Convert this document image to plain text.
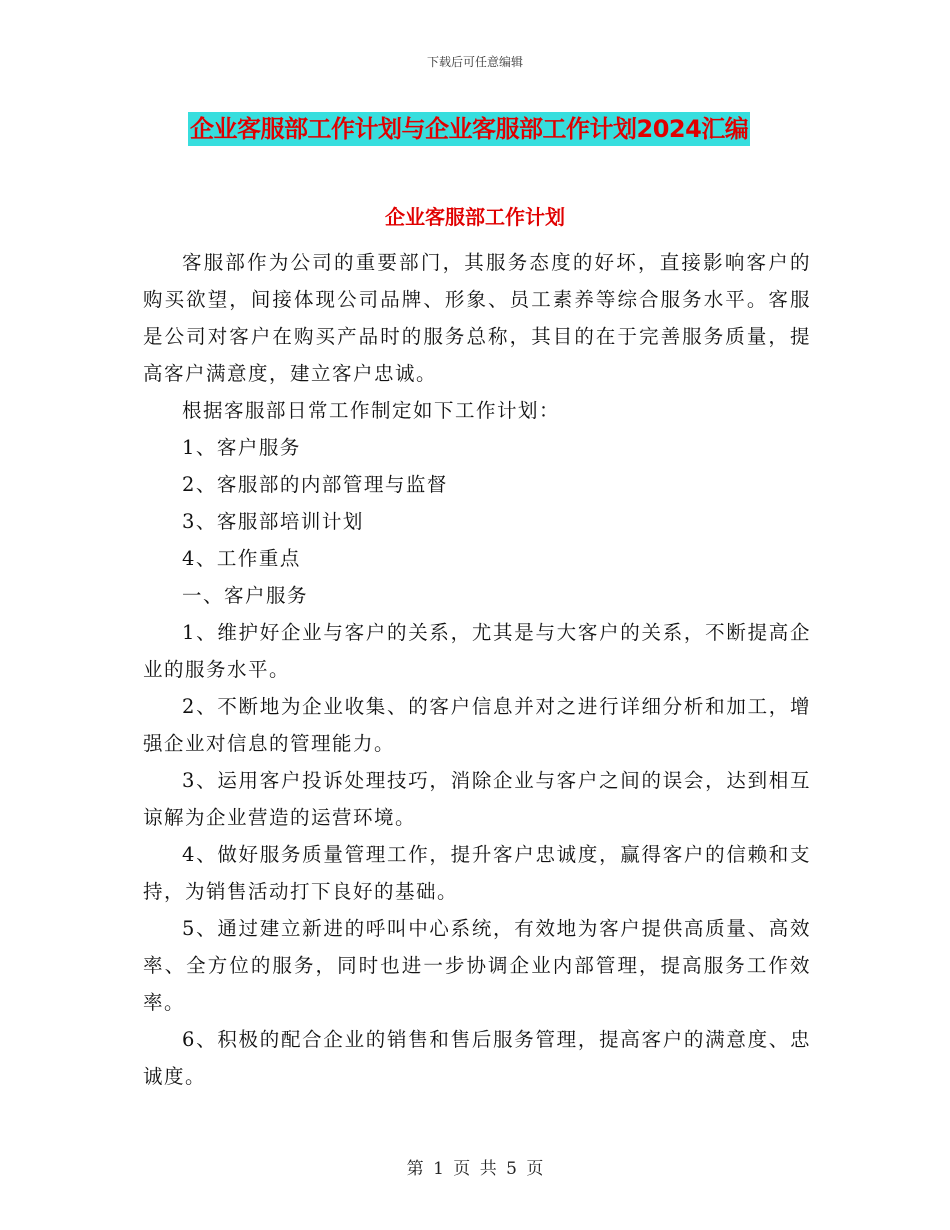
下载后可任意编辑
企业客服部工作计划与企业客服部工作计划2024汇编
企业客服部工作计划

客服部作为公司的重要部门，其服务态度的好坏，直接影响客户的购买欲望，间接体现公司品牌、形象、员工素养等综合服务水平。客服是公司对客户在购买产品时的服务总称，其目的在于完善服务质量，提高客户满意度，建立客户忠诚。

根据客服部日常工作制定如下工作计划：

1、客户服务

2、客服部的内部管理与监督

3、客服部培训计划

4、工作重点

一、客户服务

1、维护好企业与客户的关系，尤其是与大客户的关系，不断提高企业的服务水平。

2、不断地为企业收集、的客户信息并对之进行详细分析和加工，增强企业对信息的管理能力。

3、运用客户投诉处理技巧，消除企业与客户之间的误会，达到相互谅解为企业营造的运营环境。

4、做好服务质量管理工作，提升客户忠诚度，赢得客户的信赖和支持，为销售活动打下良好的基础。

5、通过建立新进的呼叫中心系统，有效地为客户提供高质量、高效率、全方位的服务，同时也进一步协调企业内部管理，提高服务工作效率。

6、积极的配合企业的销售和售后服务管理，提高客户的满意度、忠诚度。

第 1 页 共 5 页
